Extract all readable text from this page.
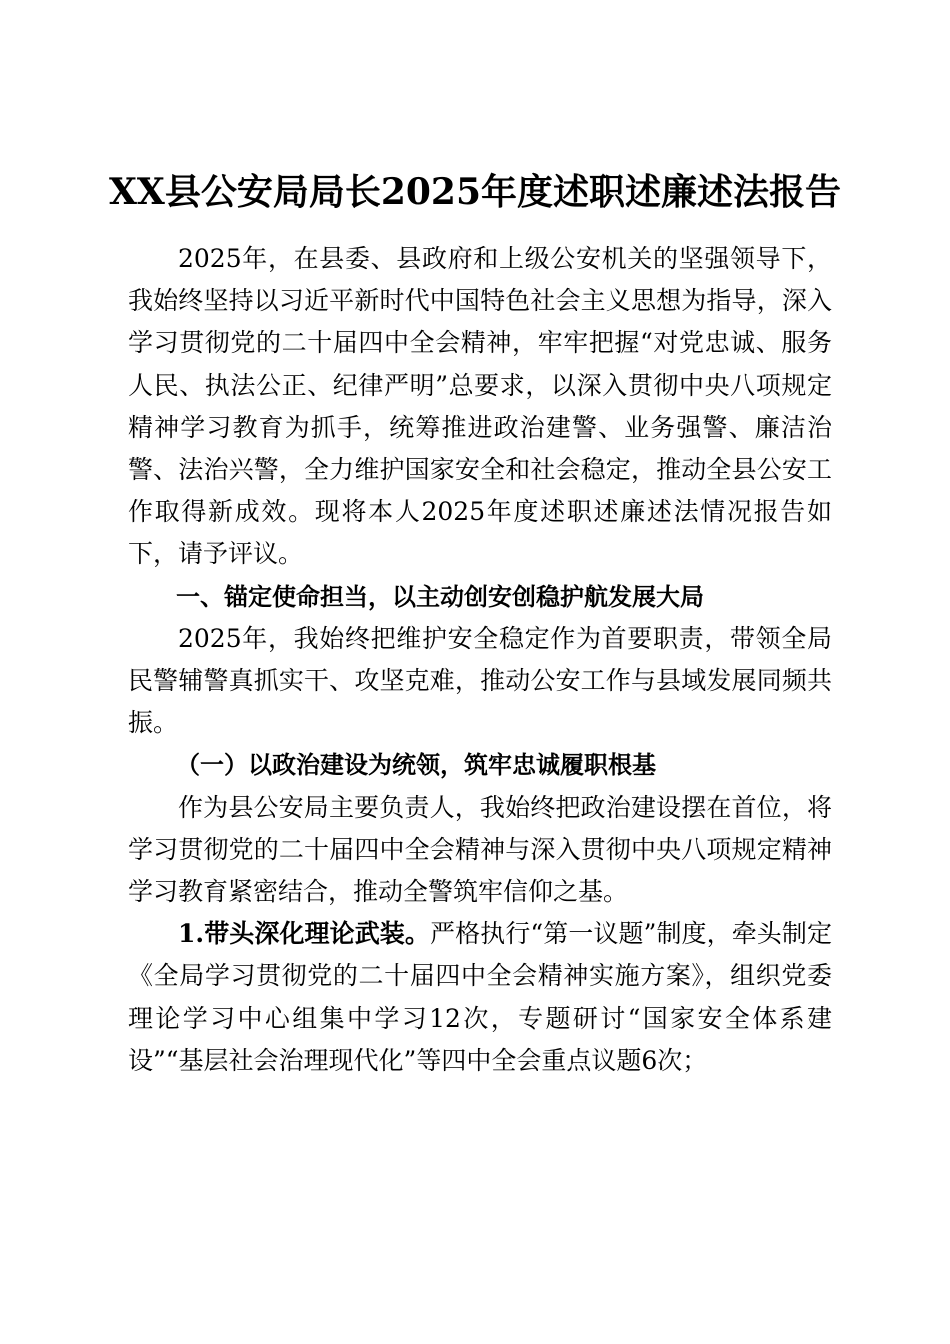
XX县公安局局长2025年度述职述廉述法报告

2025年，在县委、县政府和上级公安机关的坚强领导下，我始终坚持以习近平新时代中国特色社会主义思想为指导，深入学习贯彻党的二十届四中全会精神，牢牢把握“对党忠诚、服务人民、执法公正、纪律严明”总要求，以深入贯彻中央八项规定精神学习教育为抓手，统筹推进政治建警、业务强警、廉洁治警、法治兴警，全力维护国家安全和社会稳定，推动全县公安工作取得新成效。现将本人2025年度述职述廉述法情况报告如下，请予评议。

一、锚定使命担当，以主动创安创稳护航发展大局

2025年，我始终把维护安全稳定作为首要职责，带领全局民警辅警真抓实干、攻坚克难，推动公安工作与县域发展同频共振。

（一）以政治建设为统领，筑牢忠诚履职根基

作为县公安局主要负责人，我始终把政治建设摆在首位，将学习贯彻党的二十届四中全会精神与深入贯彻中央八项规定精神学习教育紧密结合，推动全警筑牢信仰之基。

1.带头深化理论武装。严格执行“第一议题”制度，牵头制定《全局学习贯彻党的二十届四中全会精神实施方案》，组织党委理论学习中心组集中学习12次，专题研讨“国家安全体系建设”“基层社会治理现代化”等四中全会重点议题6次；
